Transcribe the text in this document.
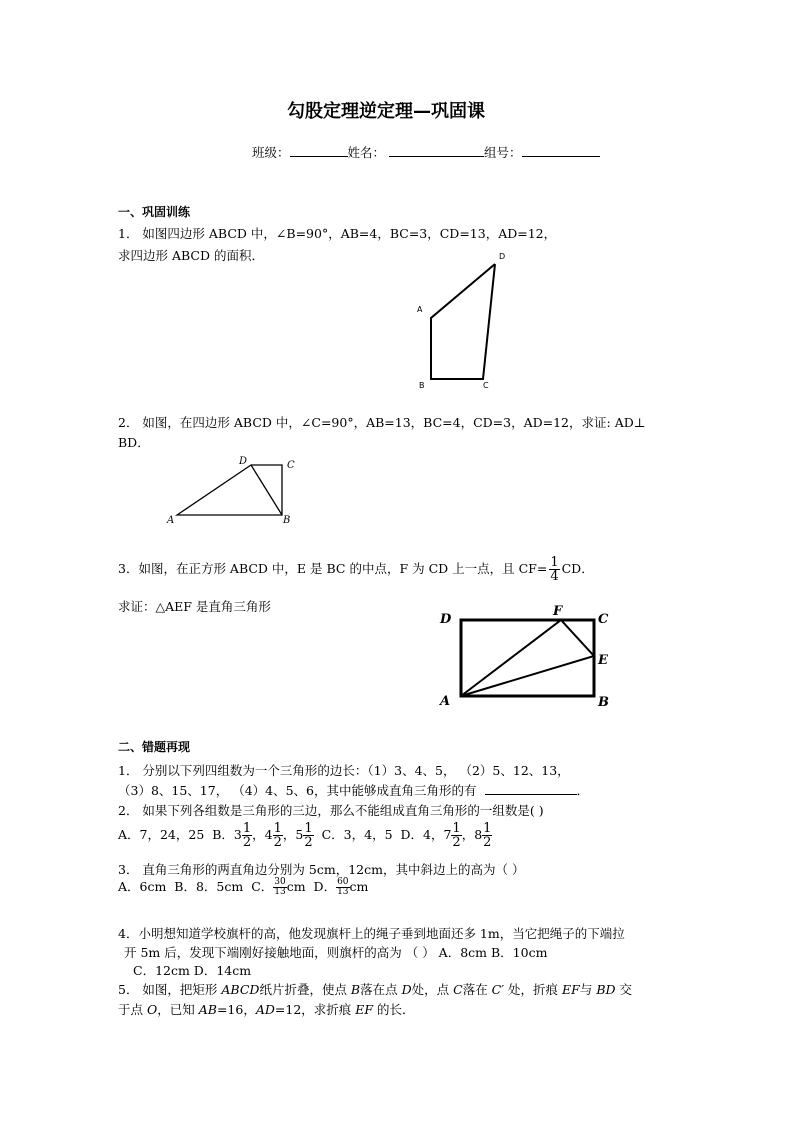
勾股定理逆定理—巩固课
班级：	姓名：	组号：
一、巩固训练
1． 如图四边形 ABCD 中，∠B=90°，AB=4，BC=3，CD=13，AD=12，
求四边形 ABCD 的面积．	D
A
B	C
D	C
A	B
D
F
C
E
A	B
2． 如图，在四边形 ABCD 中，∠C=90°，AB=13，BC=4，CD=3，AD=12，求证: AD⊥
BD．
3．如图，在正方形 ABCD 中，E 是 BC 的中点，F 为 CD 上一点，且 $CF= \frac{1}{4}$ CD．
求证：△AEF 是直角三角形
二、错题再现
1． 分别以下列四组数为一个三角形的边长：（1）3、4、5， （2）5、12、13，
（3）8、15、17， （4）4、5、6，其中能够成直角三角形的有	．
2． 如果下列各组数是三角形的三边，那么不能组成直角三角形的一组数是( )
A．7，24，25 B．$3 \frac{1}{2}$ ，$4 \frac{1}{2}$ ，$5 \frac{1}{2}$ C．3，4，5 D．4，$7 \frac{1}{2}$ ，$8 \frac{1}{2}$
3． 直角三角形的两直角边分别为 5cm，12cm，其中斜边上的高为（ ）
A．6cm B．8．5cm C． $\frac{30}{13}$ cm D． $\frac{60}{13}$ cm
4．小明想知道学校旗杆的高，他发现旗杆上的绳子垂到地面还多 1m，当它把绳子的下端拉
开 5m 后，发现下端刚好接触地面，则旗杆的高为 （ ） A．8cm B．10cm
C．12cm D．14cm
5． 如图，把矩形 ABCD纸片折叠，使点 B落在点 D处，点 C落在 C′ 处，折痕 EF与 BD 交
于点 O，已知 AB=16，AD=12，求折痕 EF 的长．
